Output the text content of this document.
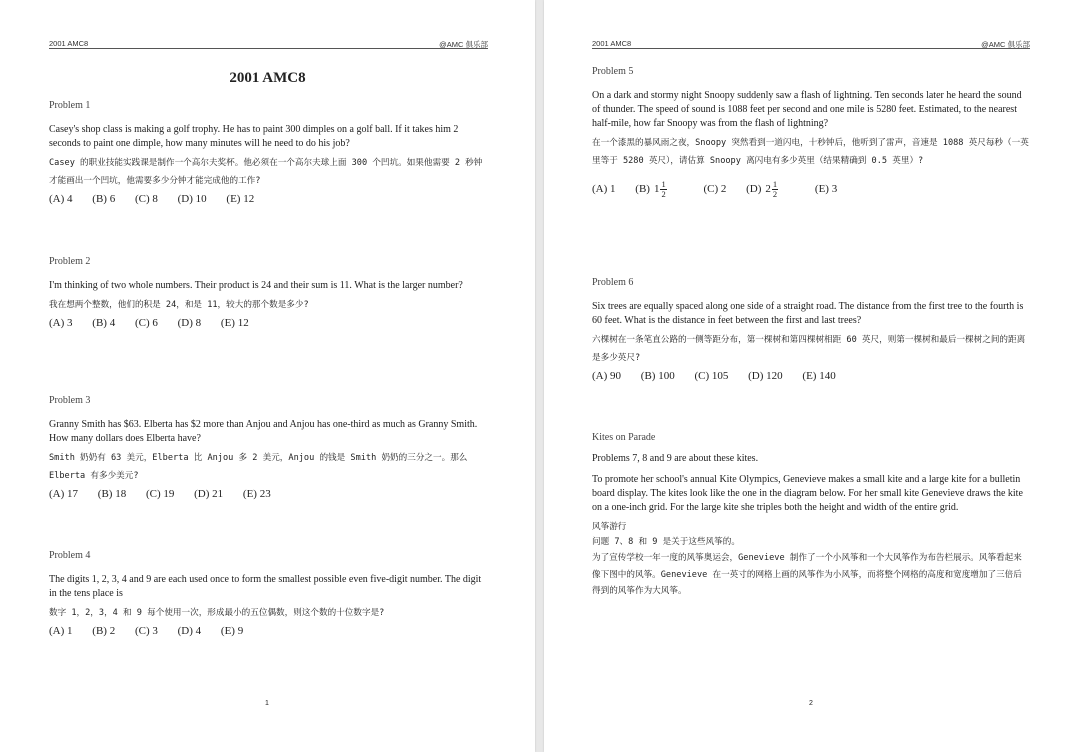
2001 AMC8	@AMC 俱乐部
2001 AMC8
Problem 1
Casey's shop class is making a golf trophy. He has to paint 300 dimples on a golf ball. If it takes him 2 seconds to paint one dimple, how many minutes will he need to do his job?
Casey 的职业技能实践课是制作一个高尔夫奖杯。他必须在一个高尔夫球上面 300 个凹坑。如果他需要 2 秒钟才能画出一个凹坑，他需要多少分钟才能完成他的工作?
(A) 4 (B) 6 (C) 8 (D) 10 (E) 12
Problem 2
I'm thinking of two whole numbers. Their product is 24 and their sum is 11. What is the larger number?
我在想两个整数，他们的积是 24，和是 11，较大的那个数是多少?
(A) 3 (B) 4 (C) 6 (D) 8 (E) 12
Problem 3
Granny Smith has $63. Elberta has $2 more than Anjou and Anjou has one-third as much as Granny Smith. How many dollars does Elberta have?
Smith 奶奶有 63 美元，Elberta 比 Anjou 多 2 美元，Anjou 的钱是 Smith 奶奶的三分之一。那么 Elberta 有多少美元?
(A) 17 (B) 18 (C) 19 (D) 21 (E) 23
Problem 4
The digits 1, 2, 3, 4 and 9 are each used once to form the smallest possible even five-digit number. The digit in the tens place is
数字 1，2，3，4 和 9 每个使用一次，形成最小的五位偶数，则这个数的十位数字是?
(A) 1 (B) 2 (C) 3 (D) 4 (E) 9
1
2001 AMC8	@AMC 俱乐部
Problem 5
On a dark and stormy night Snoopy suddenly saw a flash of lightning. Ten seconds later he heard the sound of thunder. The speed of sound is 1088 feet per second and one mile is 5280 feet. Estimated, to the nearest half-mile, how far Snoopy was from the flash of lightning?
在一个漆黑的暴风雨之夜，Snoopy 突然看到一道闪电，十秒钟后，他听到了雷声，音速是 1088 英尺每秒（一英里等于 5280 英尺），请估算 Snoopy 离闪电有多少英里（结果精确到 0.5 英里）?
(A) 1 (B) $1 \frac{1}{2} (C)$ 2 (D) $2 \frac{1}{2} (E)$ 3
Problem 6
Six trees are equally spaced along one side of a straight road. The distance from the first tree to the fourth is 60 feet. What is the distance in feet between the first and last trees?
六棵树在一条笔直公路的一侧等距分布，第一棵树和第四棵树相距 60 英尺，则第一棵树和最后一棵树之间的距离是多少英尺?
(A) 90 (B) 100 (C) 105 (D) 120 (E) 140
Kites on Parade
Problems 7, 8 and 9 are about these kites.
To promote her school's annual Kite Olympics, Genevieve makes a small kite and a large kite for a bulletin board display. The kites look like the one in the diagram below. For her small kite Genevieve draws the kite on a one-inch grid. For the large kite she triples both the height and width of the entire grid.
风筝游行
问题 7、8 和 9 是关于这些风筝的。
为了宣传学校一年一度的风筝奥运会，Genevieve 制作了一个小风筝和一个大风筝作为布告栏展示。风筝看起来像下图中的风筝。Genevieve 在一英寸的网格上画的风筝作为小风筝，而将整个网格的高度和宽度增加了三倍后得到的风筝作为大风筝。
2
